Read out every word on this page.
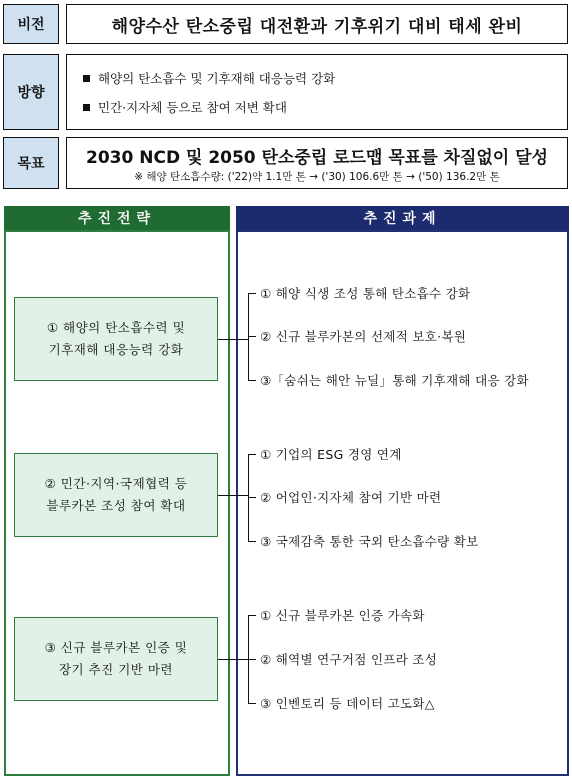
비전	해양수산 탄소중립 대전환과 기후위기 대비 태세 완비
방향
해양의 탄소흡수 및 기후재해 대응능력 강화
민간·지자체 등으로 참여 저변 확대
목표	2030 NCD 및 2050 탄소중립 로드맵 목표를 차질없이 달성
※ 해양 탄소흡수량: ('22)약 1.1만 톤 → ('30) 106.6만 톤 → ('50) 136.2만 톤
추진전략	추진과제
① 해양의 탄소흡수력 및
기후재해 대응능력 강화
② 민간·지역·국제협력 등
블루카본 조성 참여 확대
③ 신규 블루카본 인증 및
장기 추진 기반 마련
① 해양 식생 조성 통해 탄소흡수 강화
② 신규 블루카본의 선제적 보호·복원
③「숨쉬는 해안 뉴딜」통해 기후재해 대응 강화
① 기업의 ESG 경영 연계
② 어업인·지자체 참여 기반 마련
③ 국제감축 통한 국외 탄소흡수량 확보
① 신규 블루카본 인증 가속화
② 해역별 연구거점 인프라 조성
③ 인벤토리 등 데이터 고도화△
